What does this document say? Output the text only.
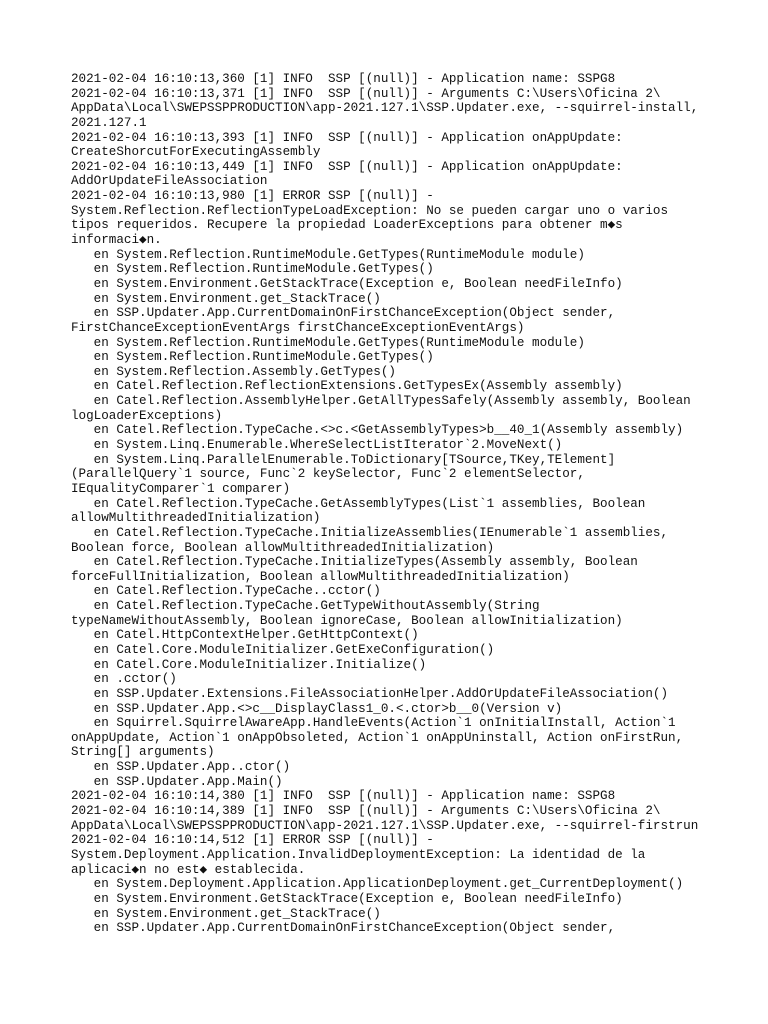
2021-02-04 16:10:13,360 [1] INFO  SSP [(null)] - Application name: SSPG8
2021-02-04 16:10:13,371 [1] INFO  SSP [(null)] - Arguments C:\Users\Oficina 2\
AppData\Local\SWEPSSPPRODUCTION\app-2021.127.1\SSP.Updater.exe, --squirrel-install,
2021.127.1
2021-02-04 16:10:13,393 [1] INFO  SSP [(null)] - Application onAppUpdate:
CreateShorcutForExecutingAssembly
2021-02-04 16:10:13,449 [1] INFO  SSP [(null)] - Application onAppUpdate:
AddOrUpdateFileAssociation
2021-02-04 16:10:13,980 [1] ERROR SSP [(null)] -
System.Reflection.ReflectionTypeLoadException: No se pueden cargar uno o varios
tipos requeridos. Recupere la propiedad LoaderExceptions para obtener m◆s
informaci◆n.
en System.Reflection.RuntimeModule.GetTypes(RuntimeModule module)
en System.Reflection.RuntimeModule.GetTypes()
en System.Environment.GetStackTrace(Exception e, Boolean needFileInfo)
en System.Environment.get_StackTrace()
en SSP.Updater.App.CurrentDomainOnFirstChanceException(Object sender,
FirstChanceExceptionEventArgs firstChanceExceptionEventArgs)
en System.Reflection.RuntimeModule.GetTypes(RuntimeModule module)
en System.Reflection.RuntimeModule.GetTypes()
en System.Reflection.Assembly.GetTypes()
en Catel.Reflection.ReflectionExtensions.GetTypesEx(Assembly assembly)
en Catel.Reflection.AssemblyHelper.GetAllTypesSafely(Assembly assembly, Boolean
logLoaderExceptions)
en Catel.Reflection.TypeCache.<>c.<GetAssemblyTypes>b__40_1(Assembly assembly)
en System.Linq.Enumerable.WhereSelectListIterator`2.MoveNext()
en System.Linq.ParallelEnumerable.ToDictionary[TSource,TKey,TElement]
(ParallelQuery`1 source, Func`2 keySelector, Func`2 elementSelector,
IEqualityComparer`1 comparer)
en Catel.Reflection.TypeCache.GetAssemblyTypes(List`1 assemblies, Boolean
allowMultithreadedInitialization)
en Catel.Reflection.TypeCache.InitializeAssemblies(IEnumerable`1 assemblies,
Boolean force, Boolean allowMultithreadedInitialization)
en Catel.Reflection.TypeCache.InitializeTypes(Assembly assembly, Boolean
forceFullInitialization, Boolean allowMultithreadedInitialization)
en Catel.Reflection.TypeCache..cctor()
en Catel.Reflection.TypeCache.GetTypeWithoutAssembly(String
typeNameWithoutAssembly, Boolean ignoreCase, Boolean allowInitialization)
en Catel.HttpContextHelper.GetHttpContext()
en Catel.Core.ModuleInitializer.GetExeConfiguration()
en Catel.Core.ModuleInitializer.Initialize()
en .cctor()
en SSP.Updater.Extensions.FileAssociationHelper.AddOrUpdateFileAssociation()
en SSP.Updater.App.<>c__DisplayClass1_0.<.ctor>b__0(Version v)
en Squirrel.SquirrelAwareApp.HandleEvents(Action`1 onInitialInstall, Action`1
onAppUpdate, Action`1 onAppObsoleted, Action`1 onAppUninstall, Action onFirstRun,
String[] arguments)
en SSP.Updater.App..ctor()
en SSP.Updater.App.Main()
2021-02-04 16:10:14,380 [1] INFO  SSP [(null)] - Application name: SSPG8
2021-02-04 16:10:14,389 [1] INFO  SSP [(null)] - Arguments C:\Users\Oficina 2\
AppData\Local\SWEPSSPPRODUCTION\app-2021.127.1\SSP.Updater.exe, --squirrel-firstrun
2021-02-04 16:10:14,512 [1] ERROR SSP [(null)] -
System.Deployment.Application.InvalidDeploymentException: La identidad de la
aplicaci◆n no est◆ establecida.
en System.Deployment.Application.ApplicationDeployment.get_CurrentDeployment()
en System.Environment.GetStackTrace(Exception e, Boolean needFileInfo)
en System.Environment.get_StackTrace()
en SSP.Updater.App.CurrentDomainOnFirstChanceException(Object sender,
